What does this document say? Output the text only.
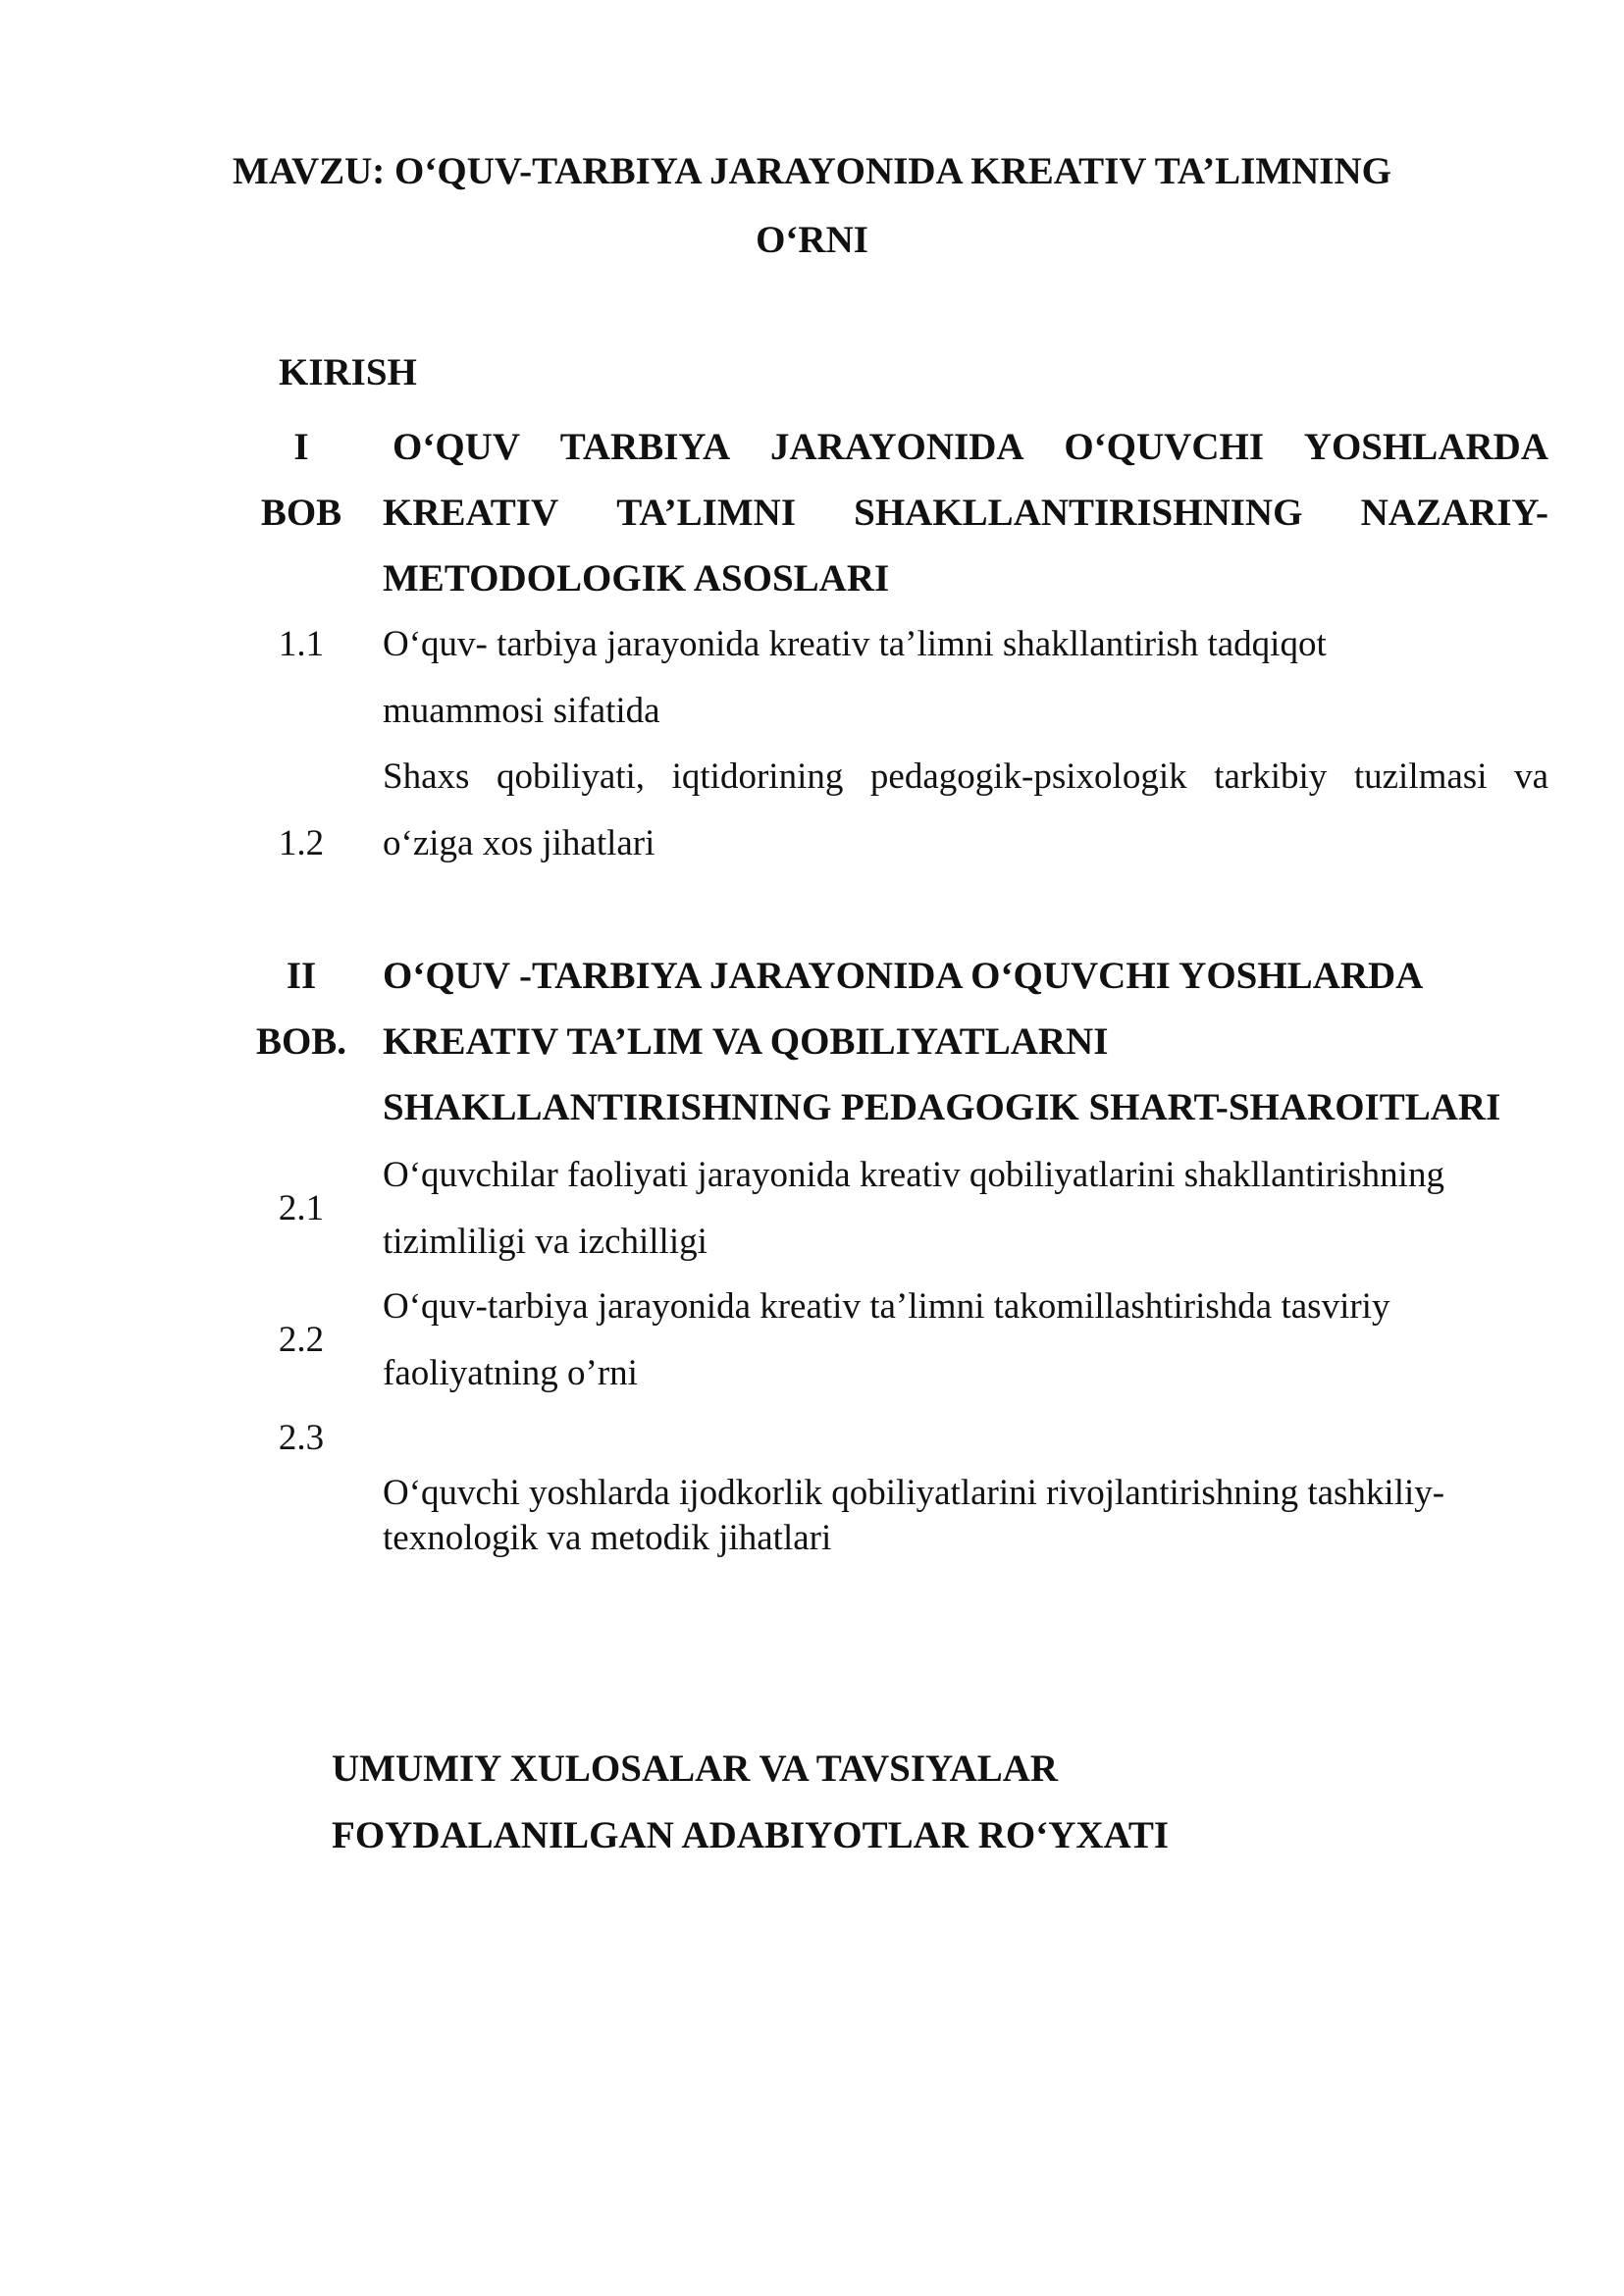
MAVZU: O‘QUV-TARBIYA JARAYONIDA KREATIV TA’LIMNING
O‘RNI
KIRISH
I
BOB
O‘QUV TARBIYA JARAYONIDA O‘QUVCHI YOSHLARDA
KREATIV TA’LIMNI SHAKLLANTIRISHNING NAZARIY-
METODOLOGIK ASOSLARI
1.1	O‘quv- tarbiya jarayonida kreativ ta’limni shakllantirish tadqiqot
muammosi sifatida
Shaxs qobiliyati, iqtidorining pedagogik-psixologik tarkibiy tuzilmasi va
1.2	o‘ziga xos jihatlari
II
BOB.
O‘QUV -TARBIYA JARAYONIDA O‘QUVCHI YOSHLARDA
KREATIV TA’LIM VA QOBILIYATLARNI
SHAKLLANTIRISHNING PEDAGOGIK SHART-SHAROITLARI
O‘quvchilar faoliyati jarayonida kreativ qobiliyatlarini shakllantirishning
2.1
tizimliligi va izchilligi
O‘quv-tarbiya jarayonida kreativ ta’limni takomillashtirishda tasviriy
2.2
faoliyatning o’rni
2.3
O‘quvchi yoshlarda ijodkorlik qobiliyatlarini rivojlantirishning tashkiliy-
texnologik va metodik jihatlari
UMUMIY XULOSALAR VA TAVSIYALAR
FOYDALANILGAN ADABIYOTLAR RO‘YXATI
